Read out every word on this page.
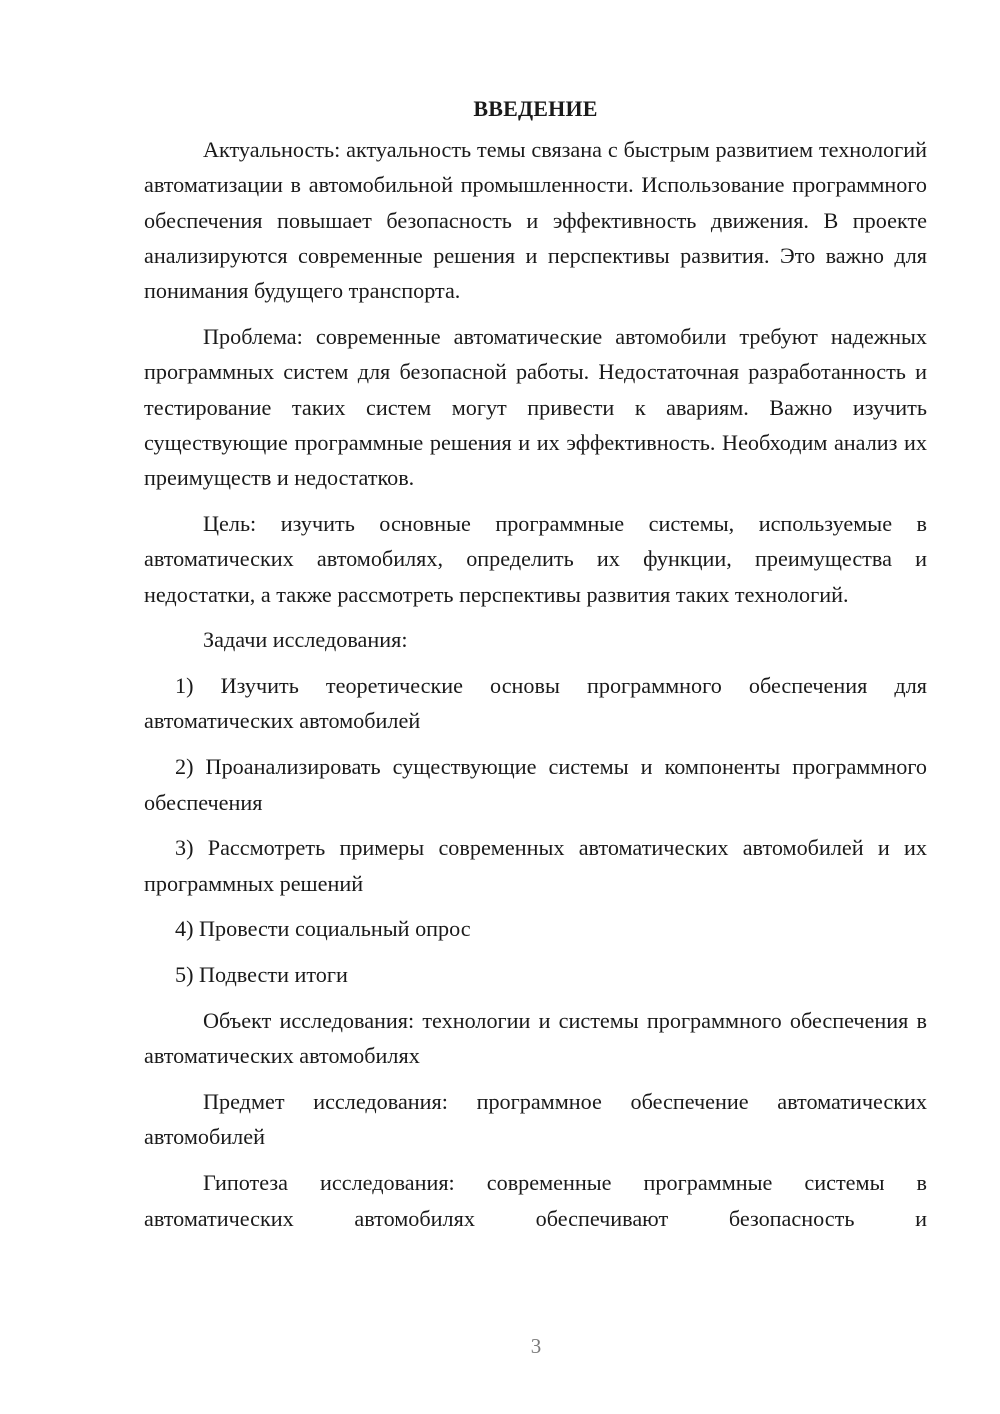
ВВЕДЕНИЕ

Актуальность: актуальность темы связана с быстрым развитием технологий автоматизации в автомобильной промышленности. Использование программного обеспечения повышает безопасность и эффективность движения. В проекте анализируются современные решения и перспективы развития. Это важно для понимания будущего транспорта.

Проблема: современные автоматические автомобили требуют надежных программных систем для безопасной работы. Недостаточная разработанность и тестирование таких систем могут привести к авариям. Важно изучить существующие программные решения и их эффективность. Необходим анализ их преимуществ и недостатков.

Цель: изучить основные программные системы, используемые в автоматических автомобилях, определить их функции, преимущества и недостатки, а также рассмотреть перспективы развития таких технологий.

Задачи исследования:

1) Изучить теоретические основы программного обеспечения для автоматических автомобилей

2) Проанализировать существующие системы и компоненты программного обеспечения

3) Рассмотреть примеры современных автоматических автомобилей и их программных решений

4) Провести социальный опрос

5) Подвести итоги

Объект исследования: технологии и системы программного обеспечения в автоматических автомобилях

Предмет исследования: программное обеспечение автоматических автомобилей

Гипотеза исследования: современные программные системы в автоматических автомобилях обеспечивают безопасность и

3
